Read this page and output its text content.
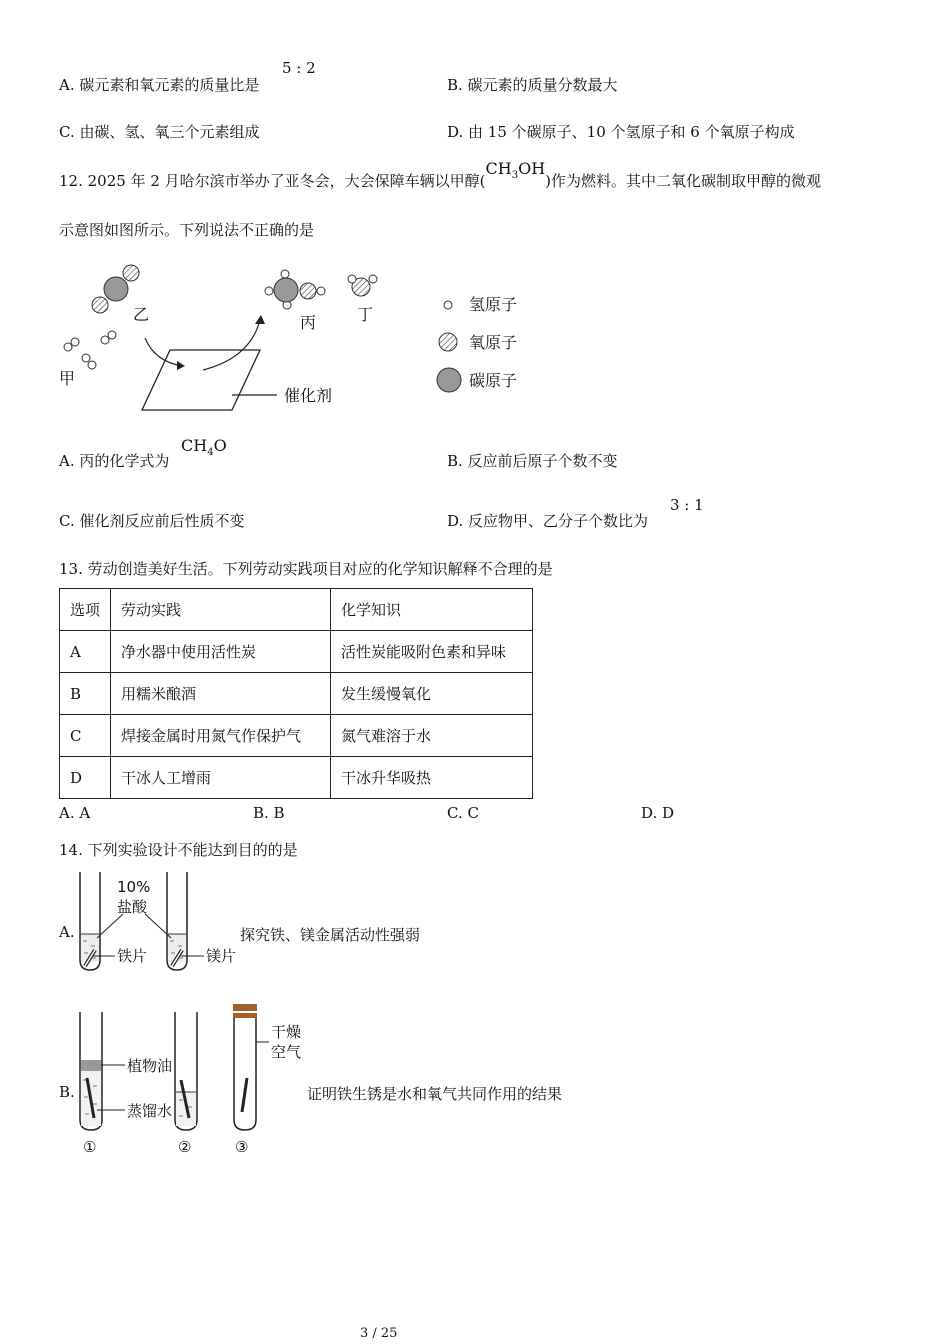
A. 碳元素和氧元素的质量比是
5 : 2
B. 碳元素的质量分数最大
C. 由碳、氢、氧三个元素组成	D. 由 15 个碳原子、10 个氢原子和 6 个氧原子构成
12. 2025 年 2 月哈尔滨市举办了亚冬会，大会保障车辆以甲醇$(CH_3OH)$作为燃料。其中二氧化碳制取甲醇的微观
示意图如图所示。下列说法不正确的是
乙
甲
催化剂
丙	丁
氢原子
氧原子
碳原子
A. 丙的化学式为
$CH_4O$
B. 反应前后原子个数不变
C. 催化剂反应前后性质不变	D. 反应物甲、乙分子个数比为
3 : 1
13. 劳动创造美好生活。下列劳动实践项目对应的化学知识解释不合理的是
选项	劳动实践	化学知识
A	净水器中使用活性炭	活性炭能吸附色素和异味
B	用糯米酿酒	发生缓慢氧化
C	焊接金属时用氮气作保护气	氮气难溶于水
D	干冰人工增雨	干冰升华吸热
A. A	B. B	C. C	D. D
14. 下列实验设计不能达到目的的是
A.
10%
盐酸
铁片	镁片
探究铁、镁金属活动性强弱
B.
植物油
蒸馏水
①	②
干燥
空气
③
证明铁生锈是水和氧气共同作用的结果
3 / 25
